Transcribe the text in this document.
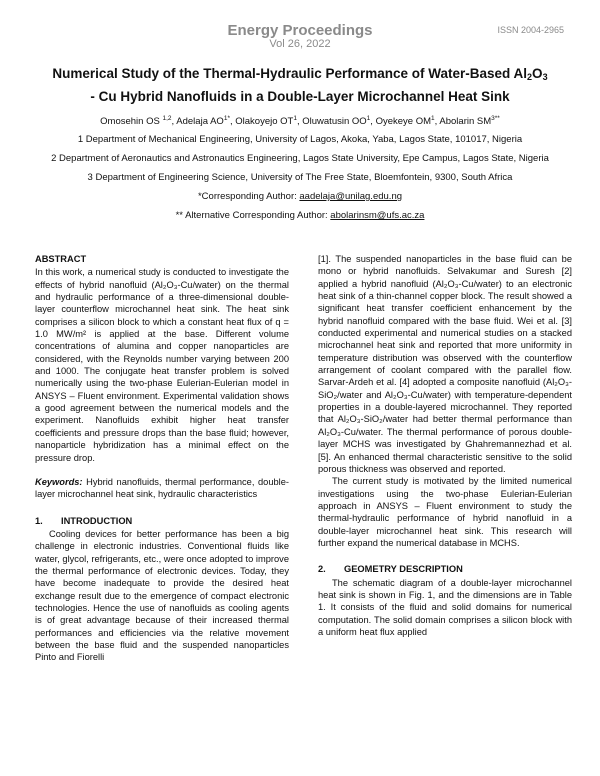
Energy Proceedings
Vol 26, 2022
ISSN 2004-2965
Numerical Study of the Thermal-Hydraulic Performance of Water-Based $Al_2O_3$
- Cu Hybrid Nanofluids in a Double-Layer Microchannel Heat Sink
Omosehin OS $^{1,2}$, Adelaja $AO^{1*}$, Olakoyejo $OT^1$, Oluwatusin $OO^1$, Oyekeye $OM^1$, Abolarin $SM^{3**}$
1 Department of Mechanical Engineering, University of Lagos, Akoka, Yaba, Lagos State, 101017, Nigeria
2 Department of Aeronautics and Astronautics Engineering, Lagos State University, Epe Campus, Lagos State, Nigeria
3 Department of Engineering Science, University of The Free State, Bloemfontein, 9300, South Africa
*Corresponding Author: aadelaja@unilag.edu.ng
** Alternative Corresponding Author: abolarinsm@ufs.ac.za
ABSTRACT

In this work, a numerical study is conducted to investigate the effects of hybrid nanofluid (Al₂O₃-Cu/water) on the thermal and hydraulic performance of a three-dimensional double-layer counterflow microchannel heat sink. The heat sink comprises a silicon block to which a constant heat flux of q = 1.0 MW/m² is applied at the base. Different volume concentrations of alumina and copper nanoparticles are considered, with the Reynolds number varying between 200 and 1000. The conjugate heat transfer problem is solved numerically using the two-phase Eulerian-Eulerian model in ANSYS – Fluent environment. Experimental validation shows a good agreement between the numerical models and the experiment. Nanofluids exhibit higher heat transfer coefficients and pressure drops than the base fluid; however, nanoparticle hybridization has a minimal effect on the pressure drop.

Keywords: Hybrid nanofluids, thermal performance, double-layer microchannel heat sink, hydraulic characteristics

1. INTRODUCTION

Cooling devices for better performance has been a big challenge in electronic industries. Conventional fluids like water, glycol, refrigerants, etc., were once adopted to improve the thermal performance of electronic devices. Today, they have become inadequate to provide the desired heat exchange result due to the emergence of compact electronic technologies. Hence the use of nanofluids as cooling agents is of great advantage because of their increased thermal performances and efficiencies via the relative movement between the base fluid and the suspended nanoparticles Pinto and Fiorelli

[1]. The suspended nanoparticles in the base fluid can be mono or hybrid nanofluids. Selvakumar and Suresh [2] applied a hybrid nanofluid (Al₂O₃-Cu/water) to an electronic heat sink of a thin-channel copper block. The result showed a significant heat transfer coefficient enhancement by the hybrid nanofluid compared with the base fluid. Wei et al. [3] conducted experimental and numerical studies on a stacked microchannel heat sink and reported that more uniformity in temperature distribution was observed with the counterflow arrangement of coolant compared with the parallel flow. Sarvar-Ardeh et al. [4] adopted a composite nanofluid (Al₂O₃-SiO₂/water and Al₂O₃-Cu/water) with temperature-dependent properties in a double-layered microchannel. They reported that Al₂O₃-SiO₂/water had better thermal performance than Al₂O₃-Cu/water. The thermal performance of porous double-layer MCHS was investigated by Ghahremannezhad et al. [5]. An enhanced thermal characteristic sensitive to the solid porous thickness was observed and reported.

The current study is motivated by the limited numerical investigations using the two-phase Eulerian-Eulerian approach in ANSYS – Fluent environment to study the thermal-hydraulic performance of hybrid nanofluid in a double-layer microchannel heat sink. This research will further expand the numerical database in MCHS.

2. GEOMETRY DESCRIPTION

The schematic diagram of a double-layer microchannel heat sink is shown in Fig. 1, and the dimensions are in Table 1. It consists of the fluid and solid domains for numerical computation. The solid domain comprises a silicon block with a uniform heat flux applied
